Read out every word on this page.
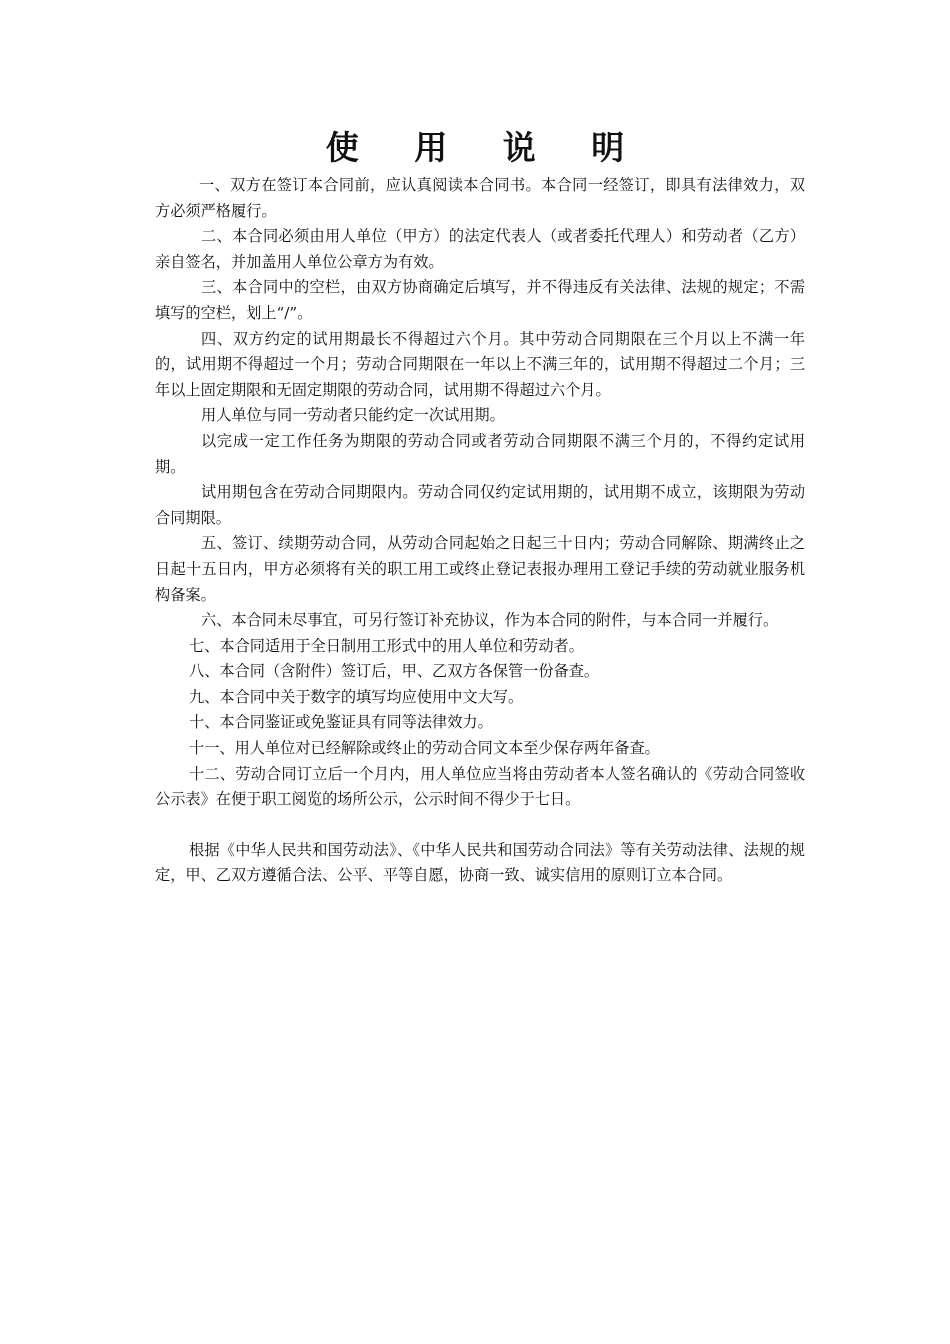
使 用 说 明

一、双方在签订本合同前，应认真阅读本合同书。本合同一经签订，即具有法律效力，双方必须严格履行。

二、本合同必须由用人单位（甲方）的法定代表人（或者委托代理人）和劳动者（乙方）亲自签名，并加盖用人单位公章方为有效。

三、本合同中的空栏，由双方协商确定后填写，并不得违反有关法律、法规的规定；不需填写的空栏，划上“/”。

四、双方约定的试用期最长不得超过六个月。其中劳动合同期限在三个月以上不满一年的，试用期不得超过一个月；劳动合同期限在一年以上不满三年的，试用期不得超过二个月；三年以上固定期限和无固定期限的劳动合同，试用期不得超过六个月。

用人单位与同一劳动者只能约定一次试用期。

以完成一定工作任务为期限的劳动合同或者劳动合同期限不满三个月的，不得约定试用期。

试用期包含在劳动合同期限内。劳动合同仅约定试用期的，试用期不成立，该期限为劳动合同期限。

五、签订、续期劳动合同，从劳动合同起始之日起三十日内；劳动合同解除、期满终止之日起十五日内，甲方必须将有关的职工用工或终止登记表报办理用工登记手续的劳动就业服务机构备案。

六、本合同未尽事宜，可另行签订补充协议，作为本合同的附件，与本合同一并履行。

七、本合同适用于全日制用工形式中的用人单位和劳动者。

八、本合同（含附件）签订后，甲、乙双方各保管一份备查。

九、本合同中关于数字的填写均应使用中文大写。

十、本合同鉴证或免鉴证具有同等法律效力。

十一、用人单位对已经解除或终止的劳动合同文本至少保存两年备查。

十二、劳动合同订立后一个月内，用人单位应当将由劳动者本人签名确认的《劳动合同签收公示表》在便于职工阅览的场所公示，公示时间不得少于七日。

根据《中华人民共和国劳动法》、《中华人民共和国劳动合同法》等有关劳动法律、法规的规定，甲、乙双方遵循合法、公平、平等自愿，协商一致、诚实信用的原则订立本合同。
